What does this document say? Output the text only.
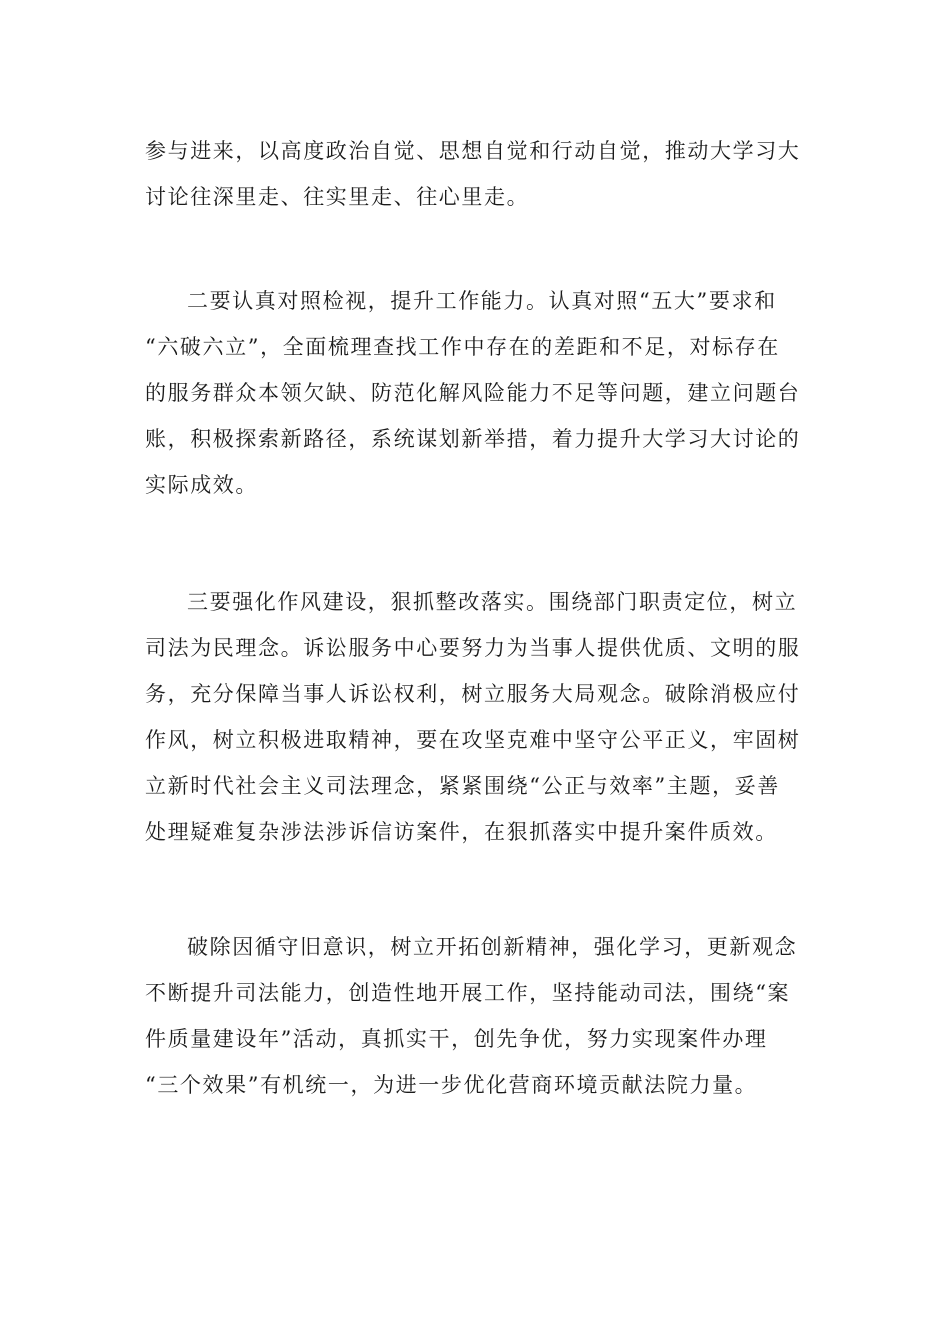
参与进来，以高度政治自觉、思想自觉和行动自觉，推动大学习大
讨论往深里走、往实里走、往心里走。
二要认真对照检视，提升工作能力。认真对照“五大”要求和
“六破六立”，全面梳理查找工作中存在的差距和不足，对标存在
的服务群众本领欠缺、防范化解风险能力不足等问题，建立问题台
账，积极探索新路径，系统谋划新举措，着力提升大学习大讨论的
实际成效。
三要强化作风建设，狠抓整改落实。围绕部门职责定位，树立
司法为民理念。诉讼服务中心要努力为当事人提供优质、文明的服
务，充分保障当事人诉讼权利，树立服务大局观念。破除消极应付
作风，树立积极进取精神，要在攻坚克难中坚守公平正义，牢固树
立新时代社会主义司法理念，紧紧围绕“公正与效率”主题，妥善
处理疑难复杂涉法涉诉信访案件，在狠抓落实中提升案件质效。
破除因循守旧意识，树立开拓创新精神，强化学习，更新观念
不断提升司法能力，创造性地开展工作，坚持能动司法，围绕“案
件质量建设年”活动，真抓实干，创先争优，努力实现案件办理
“三个效果”有机统一，为进一步优化营商环境贡献法院力量。
